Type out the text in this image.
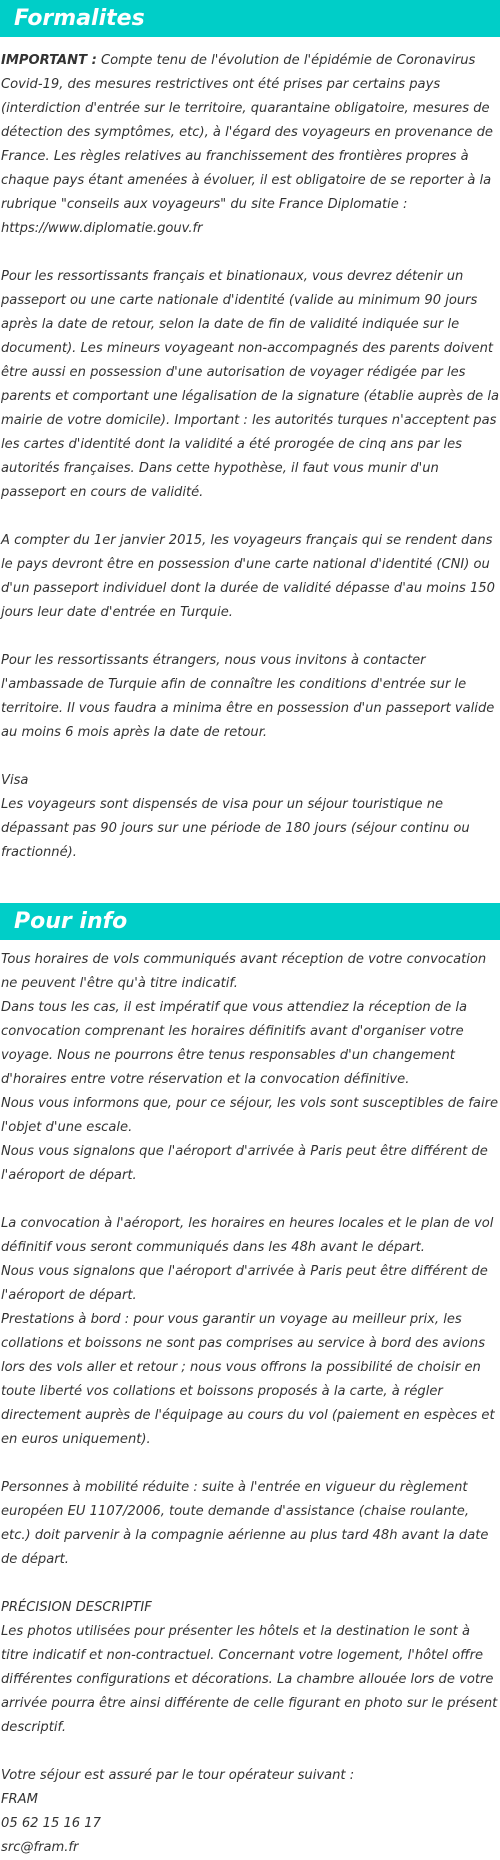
Formalites

IMPORTANT : Compte tenu de l'évolution de l'épidémie de Coronavirus Covid-19, des mesures restrictives ont été prises par certains pays (interdiction d'entrée sur le territoire, quarantaine obligatoire, mesures de détection des symptômes, etc), à l'égard des voyageurs en provenance de France. Les règles relatives au franchissement des frontières propres à chaque pays étant amenées à évoluer, il est obligatoire de se reporter à la rubrique "conseils aux voyageurs" du site France Diplomatie : https://www.diplomatie.gouv.fr

Pour les ressortissants français et binationaux, vous devrez détenir un passeport ou une carte nationale d'identité (valide au minimum 90 jours après la date de retour, selon la date de fin de validité indiquée sur le document). Les mineurs voyageant non-accompagnés des parents doivent être aussi en possession d'une autorisation de voyager rédigée par les parents et comportant une légalisation de la signature (établie auprès de la mairie de votre domicile). Important : les autorités turques n'acceptent pas les cartes d'identité dont la validité a été prorogée de cinq ans par les autorités françaises. Dans cette hypothèse, il faut vous munir d'un passeport en cours de validité.

A compter du 1er janvier 2015, les voyageurs français qui se rendent dans le pays devront être en possession d'une carte national d'identité (CNI) ou d'un passeport individuel dont la durée de validité dépasse d'au moins 150 jours leur date d'entrée en Turquie.

Pour les ressortissants étrangers, nous vous invitons à contacter l'ambassade de Turquie afin de connaître les conditions d'entrée sur le territoire. Il vous faudra a minima être en possession d'un passeport valide au moins 6 mois après la date de retour.

Visa

Les voyageurs sont dispensés de visa pour un séjour touristique ne dépassant pas 90 jours sur une période de 180 jours (séjour continu ou fractionné).

Pour info

Tous horaires de vols communiqués avant réception de votre convocation ne peuvent l'être qu'à titre indicatif.

Dans tous les cas, il est impératif que vous attendiez la réception de la convocation comprenant les horaires définitifs avant d'organiser votre voyage. Nous ne pourrons être tenus responsables d'un changement d'horaires entre votre réservation et la convocation définitive.

Nous vous informons que, pour ce séjour, les vols sont susceptibles de faire l'objet d'une escale.

Nous vous signalons que l'aéroport d'arrivée à Paris peut être différent de l'aéroport de départ.

La convocation à l'aéroport, les horaires en heures locales et le plan de vol définitif vous seront communiqués dans les 48h avant le départ.

Nous vous signalons que l'aéroport d'arrivée à Paris peut être différent de l'aéroport de départ.

Prestations à bord : pour vous garantir un voyage au meilleur prix, les collations et boissons ne sont pas comprises au service à bord des avions lors des vols aller et retour ; nous vous offrons la possibilité de choisir en toute liberté vos collations et boissons proposés à la carte, à régler directement auprès de l'équipage au cours du vol (paiement en espèces et en euros uniquement).

Personnes à mobilité réduite : suite à l'entrée en vigueur du règlement européen EU 1107/2006, toute demande d'assistance (chaise roulante, etc.) doit parvenir à la compagnie aérienne au plus tard 48h avant la date de départ.

PRÉCISION DESCRIPTIF

Les photos utilisées pour présenter les hôtels et la destination le sont à titre indicatif et non-contractuel. Concernant votre logement, l'hôtel offre différentes configurations et décorations. La chambre allouée lors de votre arrivée pourra être ainsi différente de celle figurant en photo sur le présent descriptif.

Votre séjour est assuré par le tour opérateur suivant :

FRAM

05 62 15 16 17

src@fram.fr
